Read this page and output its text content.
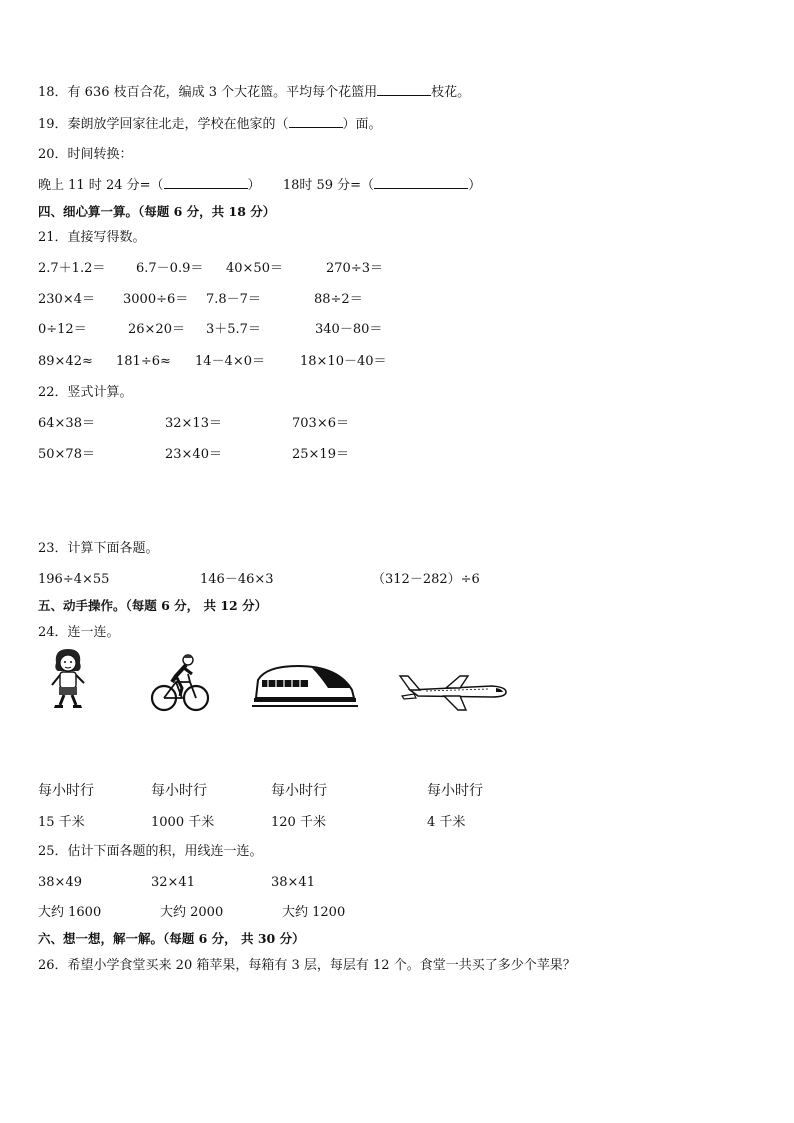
18．有 636 枝百合花，编成 3 个大花篮。平均每个花篮用	枝花。
19．秦朗放学回家往北走，学校在他家的（	）面。
20．时间转换：
晚上 11 时 24 分=（	） 18时 59 分=（	）
四、细心算一算。（每题 6 分，共 18 分）
21．直接写得数。
2.7＋1.2＝ 6.7－0.9＝ 40×50＝	270÷3＝
230×4＝ 3000÷6＝ 7.8－7＝	88÷2＝
0÷12＝	26×20＝ 3＋5.7＝	340－80＝
89×42≈ 181÷6≈ 14－4×0＝	18×10－40＝
22．竖式计算。
64×38＝	32×13＝	703×6＝
50×78＝	23×40＝	25×19＝
23．计算下面各题。
196÷4×55	146－46×3	（312－282）÷6
五、动手操作。（每题 6 分， 共 12 分）
24．连一连。
每小时行	每小时行	每小时行	每小时行
15 千米	1000 千米	120 千米	4 千米
25．估计下面各题的积，用线连一连。
38×49	32×41	38×41
大约 1600	大约 2000	大约 1200
六、想一想，解一解。（每题 6 分， 共 30 分）
26．希望小学食堂买来 20 箱苹果，每箱有 3 层，每层有 12 个。食堂一共买了多少个苹果？
